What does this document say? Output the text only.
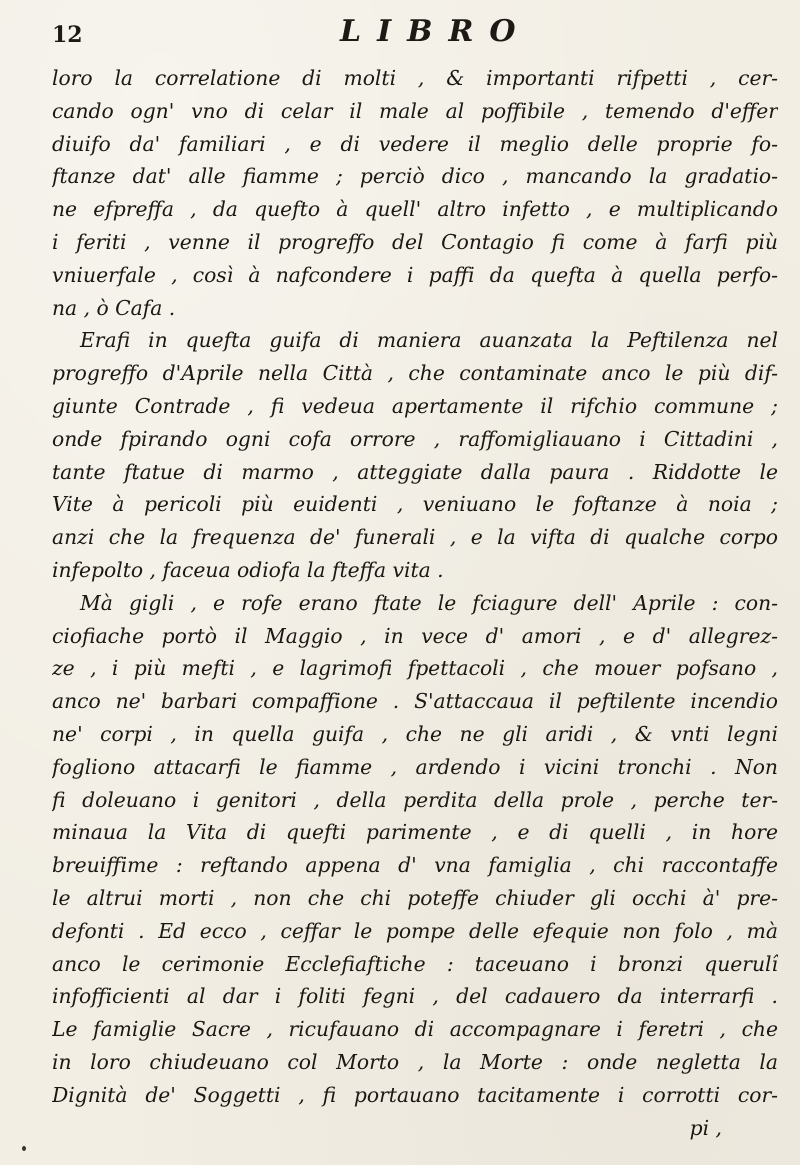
12	LIBRO
loro la correlatione di molti , & importanti rifpetti , cer-
cando ogn' vno di celar il male al poffibile , temendo d'effer
diuifo da' familiari , e di vedere il meglio delle proprie fo-
ftanze dat' alle fiamme ; perciò dico , mancando la gradatio-
ne efpreffa , da quefto à quell' altro infetto , e multiplicando
i feriti , venne il progreffo del Contagio fi come à farfi più
vniuerfale , così à nafcondere i paffi da quefta à quella perfo-
na , ò Cafa .
Erafi in quefta guifa di maniera auanzata la Peftilenza nel
progreffo d'Aprile nella Città , che contaminate anco le più dif-
giunte Contrade , fi vedeua apertamente il rifchio commune ;
onde fpirando ogni cofa orrore , raffomigliauano i Cittadini ,
tante ftatue di marmo , atteggiate dalla paura . Riddotte le
Vite à pericoli più euidenti , veniuano le foftanze à noia ;
anzi che la frequenza de' funerali , e la vifta di qualche corpo
infepolto , faceua odiofa la fteffa vita .
Mà gigli , e rofe erano ftate le fciagure dell' Aprile : con-
ciofiache portò il Maggio , in vece d' amori , e d' allegrez-
ze , i più mefti , e lagrimofi fpettacoli , che mouer pofsano ,
anco ne' barbari compaffione . S'attaccaua il peftilente incendio
ne' corpi , in quella guifa , che ne gli aridi , & vnti legni
fogliono attacarfi le fiamme , ardendo i vicini tronchi . Non
fi doleuano i genitori , della perdita della prole , perche ter-
minaua la Vita di quefti parimente , e di quelli , in hore
breuiffime : reftando appena d' vna famiglia , chi raccontaffe
le altrui morti , non che chi poteffe chiuder gli occhi à' pre-
defonti . Ed ecco , ceffar le pompe delle efequie non folo , mà
anco le cerimonie Ecclefiaftiche : taceuano i bronzi querulî
infofficienti al dar i foliti fegni , del cadauero da interrarfi .
Le famiglie Sacre , ricufauano di accompagnare i feretri , che
in loro chiudeuano col Morto , la Morte : onde negletta la
Dignità de' Soggetti , fi portauano tacitamente i corrotti cor-
pi ,
